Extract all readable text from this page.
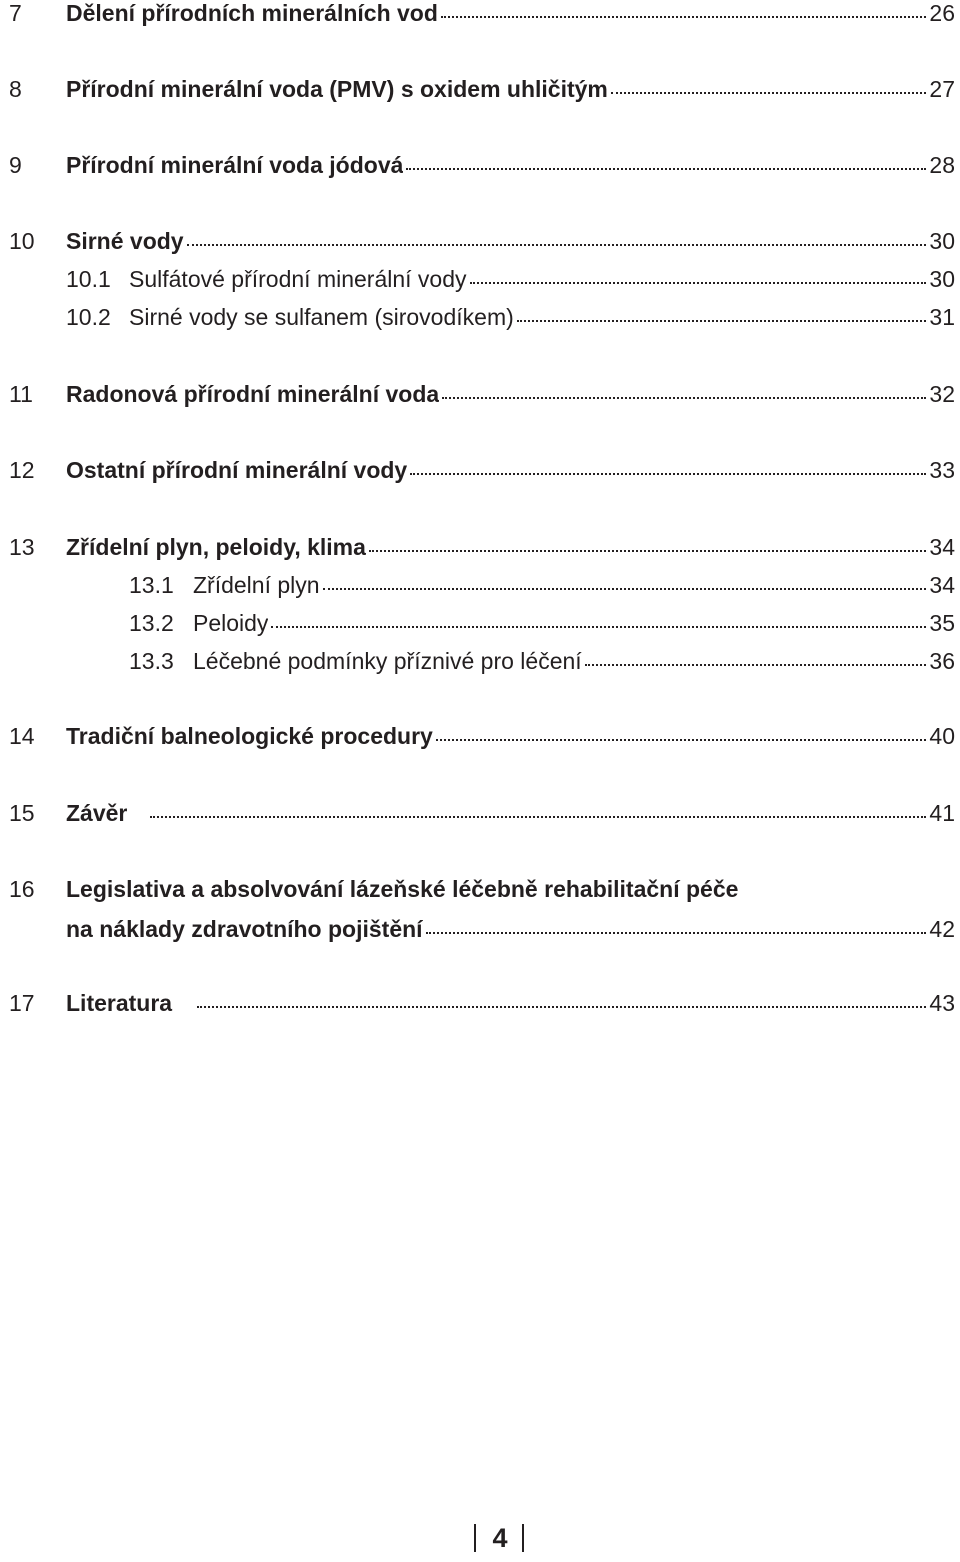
7	Dělení přírodních minerálních vod	26
8	Přírodní minerální voda (PMV) s oxidem uhličitým	27
9	Přírodní minerální voda jódová	28
10	Sirné vody	30
10.1 Sulfátové přírodní minerální vody	30
10.2 Sirné vody se sulfanem (sirovodíkem)	31
11	Radonová přírodní minerální voda	32
12	Ostatní přírodní minerální vody	33
13	Zřídelní plyn, peloidy, klima	34
13.1 Zřídelní plyn	34
13.2 Peloidy	35
13.3 Léčebné podmínky příznivé pro léčení	36
14	Tradiční balneologické procedury	40
15	Závěr	41
16	Legislativa a absolvování lázeňské léčebně rehabilitační péče
na náklady zdravotního pojištění	42
17	Literatura	43
4
